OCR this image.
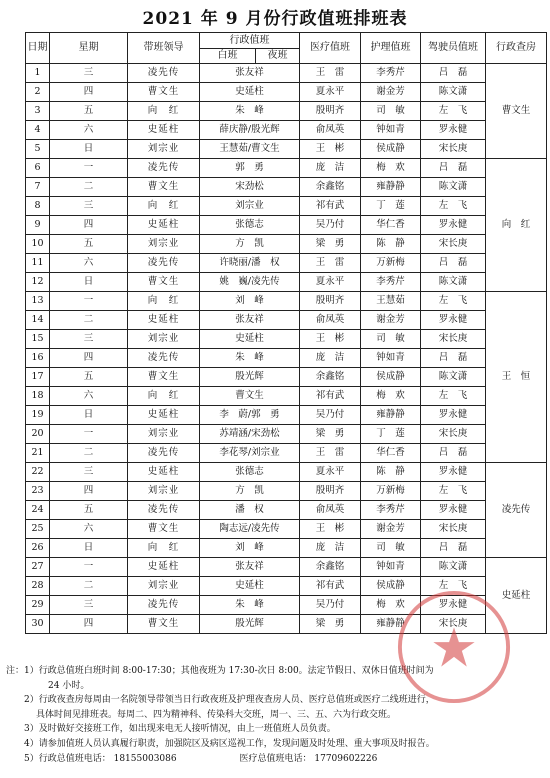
2021 年 9 月份行政值班排班表
日期	星期	带班领导	行政值班		医疗值班	护理值班	驾驶员值班	行政查房
			白班	夜班				
1	三	凌先传	张友祥		王　雷	李秀芹	吕　磊	曹文生
2	四	曹文生	史延柱		夏永平	谢金芳	陈文潇	
3	五	向　红	朱　峰		殷明齐	司　敏	左　飞	
4	六	史延柱	薛庆静/殷光辉		俞凤英	钟如青	罗永健	
5	日	刘宗业	王慧茹/曹文生		王　彬	侯成静	宋长庚	
6	一	凌先传	郭　勇		庞　洁	梅　欢	吕　磊	向　红
7	二	曹文生	宋劲松		余鑫铭	雍静静	陈文潇	
8	三	向　红	刘宗业		祁有武	丁　莲	左　飞	
9	四	史延柱	张德志		吴乃付	华仁香	罗永健	
10	五	刘宗业	方　凯		梁　勇	陈　静	宋长庚	
11	六	凌先传	许晓丽/潘　权		王　雷	万新梅	吕　磊	
12	日	曹文生	姚　巍/凌先传		夏永平	李秀芹	陈文潇	
13	一	向　红	刘　峰		殷明齐	王慧茹	左　飞	王　恒
14	二	史延柱	张友祥		俞凤英	谢金芳	罗永健	
15	三	刘宗业	史延柱		王　彬	司　敏	宋长庚	
16	四	凌先传	朱　峰		庞　洁	钟如青	吕　磊	
17	五	曹文生	殷光辉		余鑫铭	侯成静	陈文潇	
18	六	向　红	曹文生		祁有武	梅　欢	左　飞	
19	日	史延柱	李　蔚/郭　勇		吴乃付	雍静静	罗永健	
20	一	刘宗业	苏靖涵/宋劲松		梁　勇	丁　莲	宋长庚	
21	二	凌先传	李花琴/刘宗业		王　雷	华仁香	吕　磊	
22	三	史延柱	张德志		夏永平	陈　静	罗永健	凌先传
23	四	刘宗业	方　凯		殷明齐	万新梅	左　飞	
24	五	凌先传	潘　权		俞凤英	李秀芹	罗永健	
25	六	曹文生	陶志远/凌先传		王　彬	谢金芳	宋长庚	
26	日	向　红	刘　峰		庞　洁	司　敏	吕　磊	
27	一	史延柱	张友祥		余鑫铭	钟如青	陈文潇	史延柱
28	二	刘宗业	史延柱		祁有武	侯成静	左　飞	
29	三	凌先传	朱　峰		吴乃付	梅　欢	罗永健	
30	四	曹文生	殷光辉		梁　勇	雍静静	宋长庚	
注： 1）行政总值班白班时间 8:00-17:30；其他夜班为 17:30-次日 8:00。法定节假日、双休日值班时间为
24 小时。
2）行政夜查房每周由一名院领导带领当日行政夜班及护理夜查房人员、医疗总值班或医疗二线班进行，
具体时间见排班表。每周二、四为精神科、传染科大交班，周一、三、五、六为行政交班。
3）及时做好交接班工作，如出现来电无人接听情况，由上一班值班人员负责。
4）请参加值班人员认真履行职责，加强院区及病区巡视工作，发现问题及时处理、重大事项及时报告。
5）行政总值班电话： 18155003086	医疗总值班电话： 17709602226
